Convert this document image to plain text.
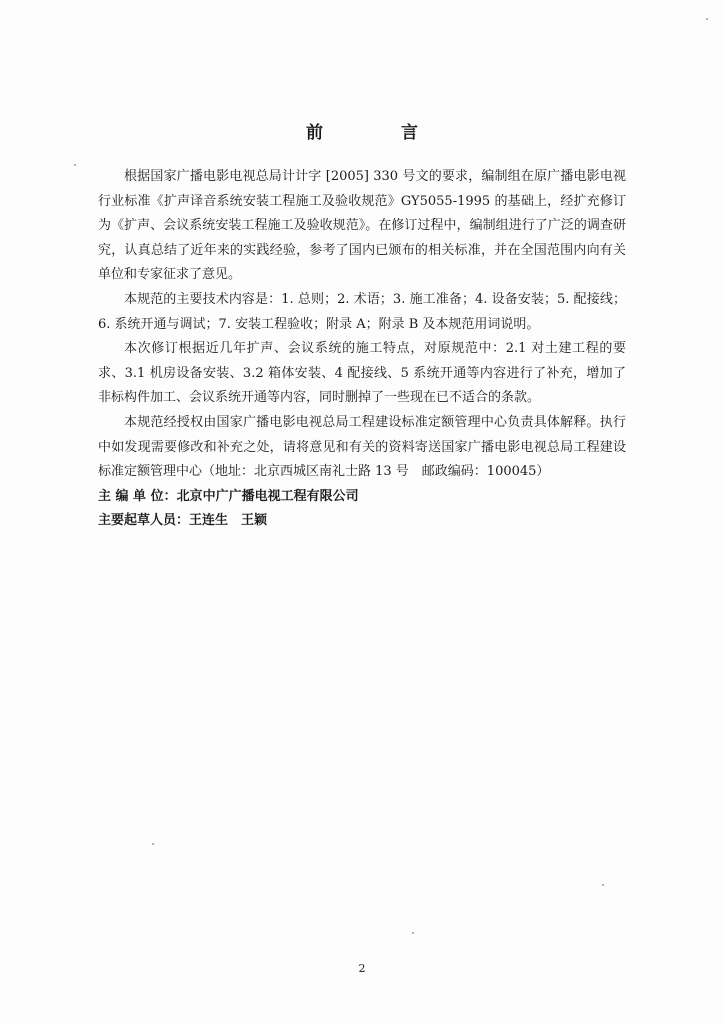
前 言

根据国家广播电影电视总局计计字 [2005] 330 号文的要求，编制组在原广播电影电视行业标准《扩声译音系统安装工程施工及验收规范》GY5055-1995 的基础上，经扩充修订为《扩声、会议系统安装工程施工及验收规范》。在修订过程中，编制组进行了广泛的调查研究，认真总结了近年来的实践经验，参考了国内已颁布的相关标准，并在全国范围内向有关单位和专家征求了意见。

本规范的主要技术内容是：1. 总则；2. 术语；3. 施工准备；4. 设备安装；5. 配接线；6. 系统开通与调试；7. 安装工程验收；附录 A；附录 B 及本规范用词说明。

本次修订根据近几年扩声、会议系统的施工特点，对原规范中：2.1 对土建工程的要求、3.1 机房设备安装、3.2 箱体安装、4 配接线、5 系统开通等内容进行了补充，增加了非标构件加工、会议系统开通等内容，同时删掉了一些现在已不适合的条款。

本规范经授权由国家广播电影电视总局工程建设标准定额管理中心负责具体解释。执行中如发现需要修改和补充之处，请将意见和有关的资料寄送国家广播电影电视总局工程建设标准定额管理中心（地址：北京西城区南礼士路 13 号　邮政编码：100045）

主 编 单 位：北京中广广播电视工程有限公司

主要起草人员：王连生　王颖

2
